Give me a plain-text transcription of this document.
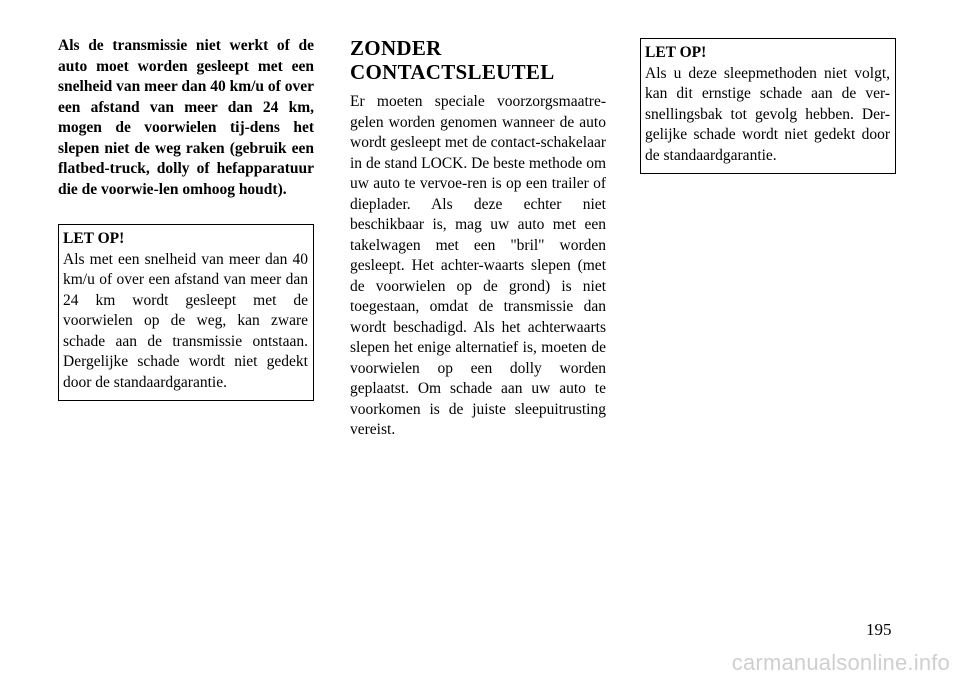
Als de transmissie niet werkt of de auto moet worden gesleept met een snelheid van meer dan 40 km/u of over een afstand van meer dan 24 km, mogen de voorwielen tij-dens het slepen niet de weg raken (gebruik een flatbed-truck, dolly of hefapparatuur die de voorwie-len omhoog houdt).

LET OP!
Als met een snelheid van meer dan 40 km/u of over een afstand van meer dan 24 km wordt gesleept met de voorwielen op de weg, kan zware schade aan de transmissie ontstaan. Dergelijke schade wordt niet gedekt door de standaardgarantie.
ZONDER CONTACTSLEUTEL

Er moeten speciale voorzorgsmaatre-gelen worden genomen wanneer de auto wordt gesleept met de contact-schakelaar in de stand LOCK. De beste methode om uw auto te vervoe-ren is op een trailer of dieplader. Als deze echter niet beschikbaar is, mag uw auto met een takelwagen met een "bril" worden gesleept. Het achter-waarts slepen (met de voorwielen op de grond) is niet toegestaan, omdat de transmissie dan wordt beschadigd. Als het achterwaarts slepen het enige alternatief is, moeten de voorwielen op een dolly worden geplaatst. Om schade aan uw auto te voorkomen is de juiste sleepuitrusting vereist.

LET OP!
Als u deze sleepmethoden niet volgt, kan dit ernstige schade aan de ver-snellingsbak tot gevolg hebben. Der-gelijke schade wordt niet gedekt door de standaardgarantie.
195
carmanualsonline.info
